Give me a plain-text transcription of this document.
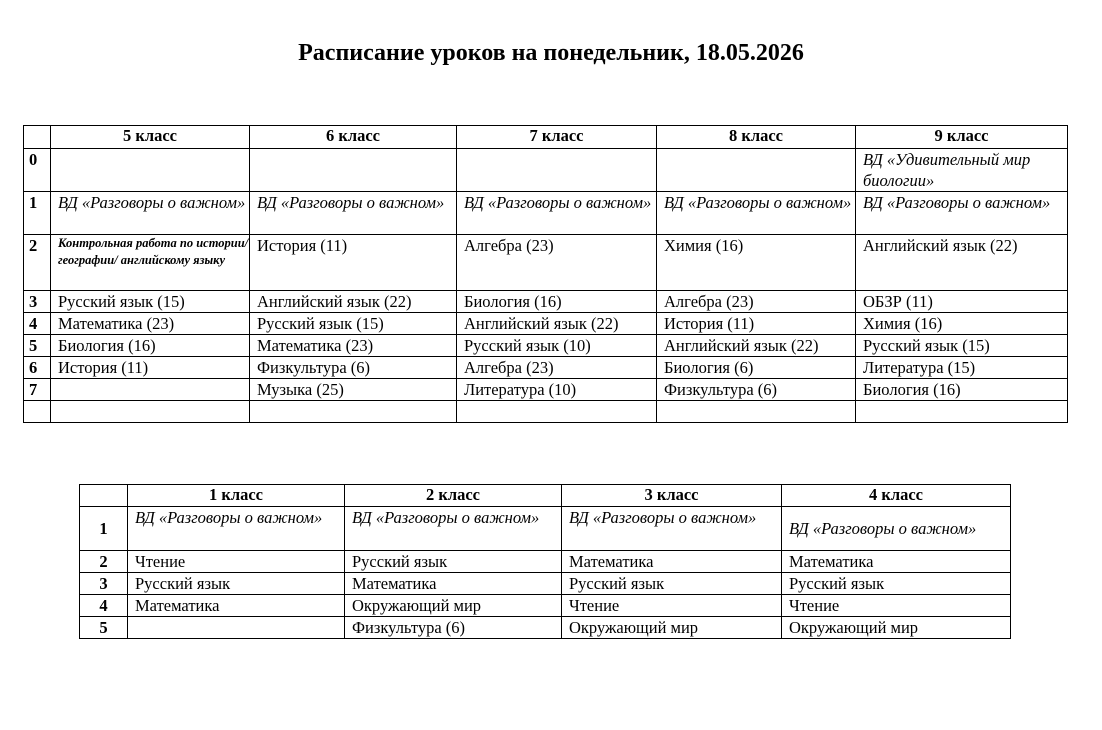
Расписание уроков на понедельник, 18.05.2026
	5 класс	6 класс	7 класс	8 класс	9 класс
0					ВД «Удивительный мир биологии»
1	ВД «Разговоры о важном»	ВД «Разговоры о важном»	ВД «Разговоры о важном»	ВД «Разговоры о важном»	ВД «Разговоры о важном»
2	Контрольная работа по истории/географии/ английскому языку	История (11)	Алгебра (23)	Химия (16)	Английский язык (22)
3	Русский язык (15)	Английский язык (22)	Биология (16)	Алгебра (23)	ОБЗР (11)
4	Математика (23)	Русский язык (15)	Английский язык (22)	История (11)	Химия (16)
5	Биология (16)	Математика (23)	Русский язык (10)	Английский язык (22)	Русский язык (15)
6	История (11)	Физкультура (6)	Алгебра (23)	Биология (6)	Литература (15)
7		Музыка (25)	Литература (10)	Физкультура (6)	Биология (16)

	1 класс	2 класс	3 класс	4 класс
1	ВД «Разговоры о важном»	ВД «Разговоры о важном»	ВД «Разговоры о важном»	ВД «Разговоры о важном»
2	Чтение	Русский язык	Математика	Математика
3	Русский язык	Математика	Русский язык	Русский язык
4	Математика	Окружающий мир	Чтение	Чтение
5		Физкультура (6)	Окружающий мир	Окружающий мир
